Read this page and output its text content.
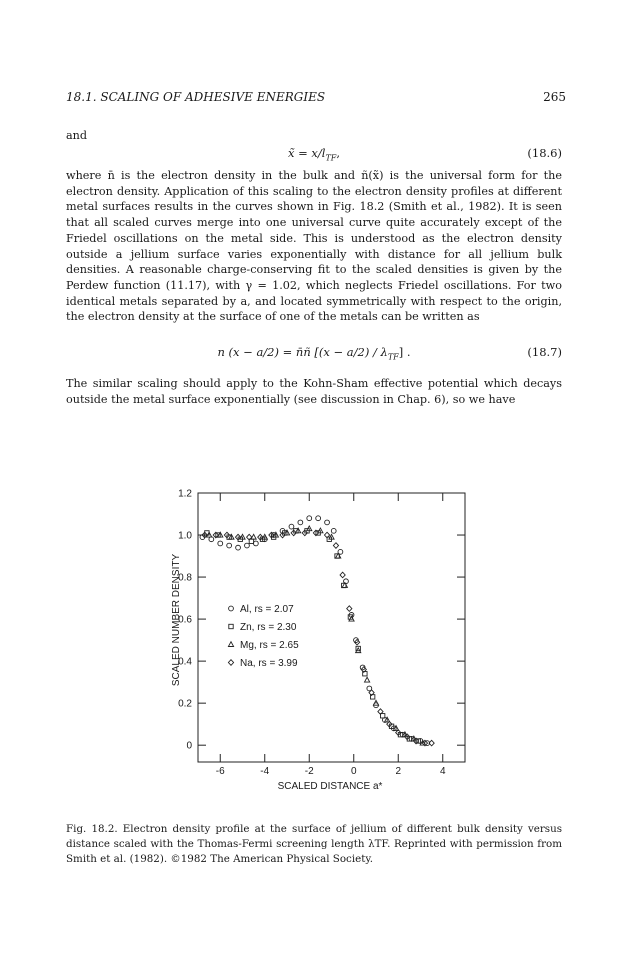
18.1. SCALING OF ADHESIVE ENERGIES	265

and

x̃ = $x/l_{TF}$,	(18.6)

where n̄ is the electron density in the bulk and ñ(x̃) is the universal form for the electron density. Application of this scaling to the electron density profiles at different metal surfaces results in the curves shown in Fig. 18.2 (Smith et al., 1982). It is seen that all scaled curves merge into one universal curve quite accurately except of the Friedel oscillations on the metal side. This is understood as the electron density outside a jellium surface varies exponentially with distance for all jellium bulk densities. A reasonable charge-conserving fit to the scaled densities is given by the Perdew function (11.17), with γ = 1.02, which neglects Friedel oscillations. For two identical metals separated by a, and located symmetrically with respect to the origin, the electron density at the surface of one of the metals can be written as

n (x − a/2) = n̄ñ $[(x - a/2) / \lambda_{TF}]$ .	(18.7)

The similar scaling should apply to the Kohn-Sham effective potential which decays outside the metal surface exponentially (see discussion in Chap. 6), so we have

SCALED NUMBER DENSITY
SCALED DISTANCE a*
-6	-4	-2	0	2	4
0
0.2
0.4
0.6
0.8
1.0
1.2
Al, rs = 2.07
Zn, rs = 2.30
Mg, rs = 2.65
Na, rs = 3.99

Fig. 18.2. Electron density profile at the surface of jellium of different bulk density versus distance scaled with the Thomas-Fermi screening length λTF. Reprinted with permission from Smith et al. (1982). ©1982 The American Physical Society.
